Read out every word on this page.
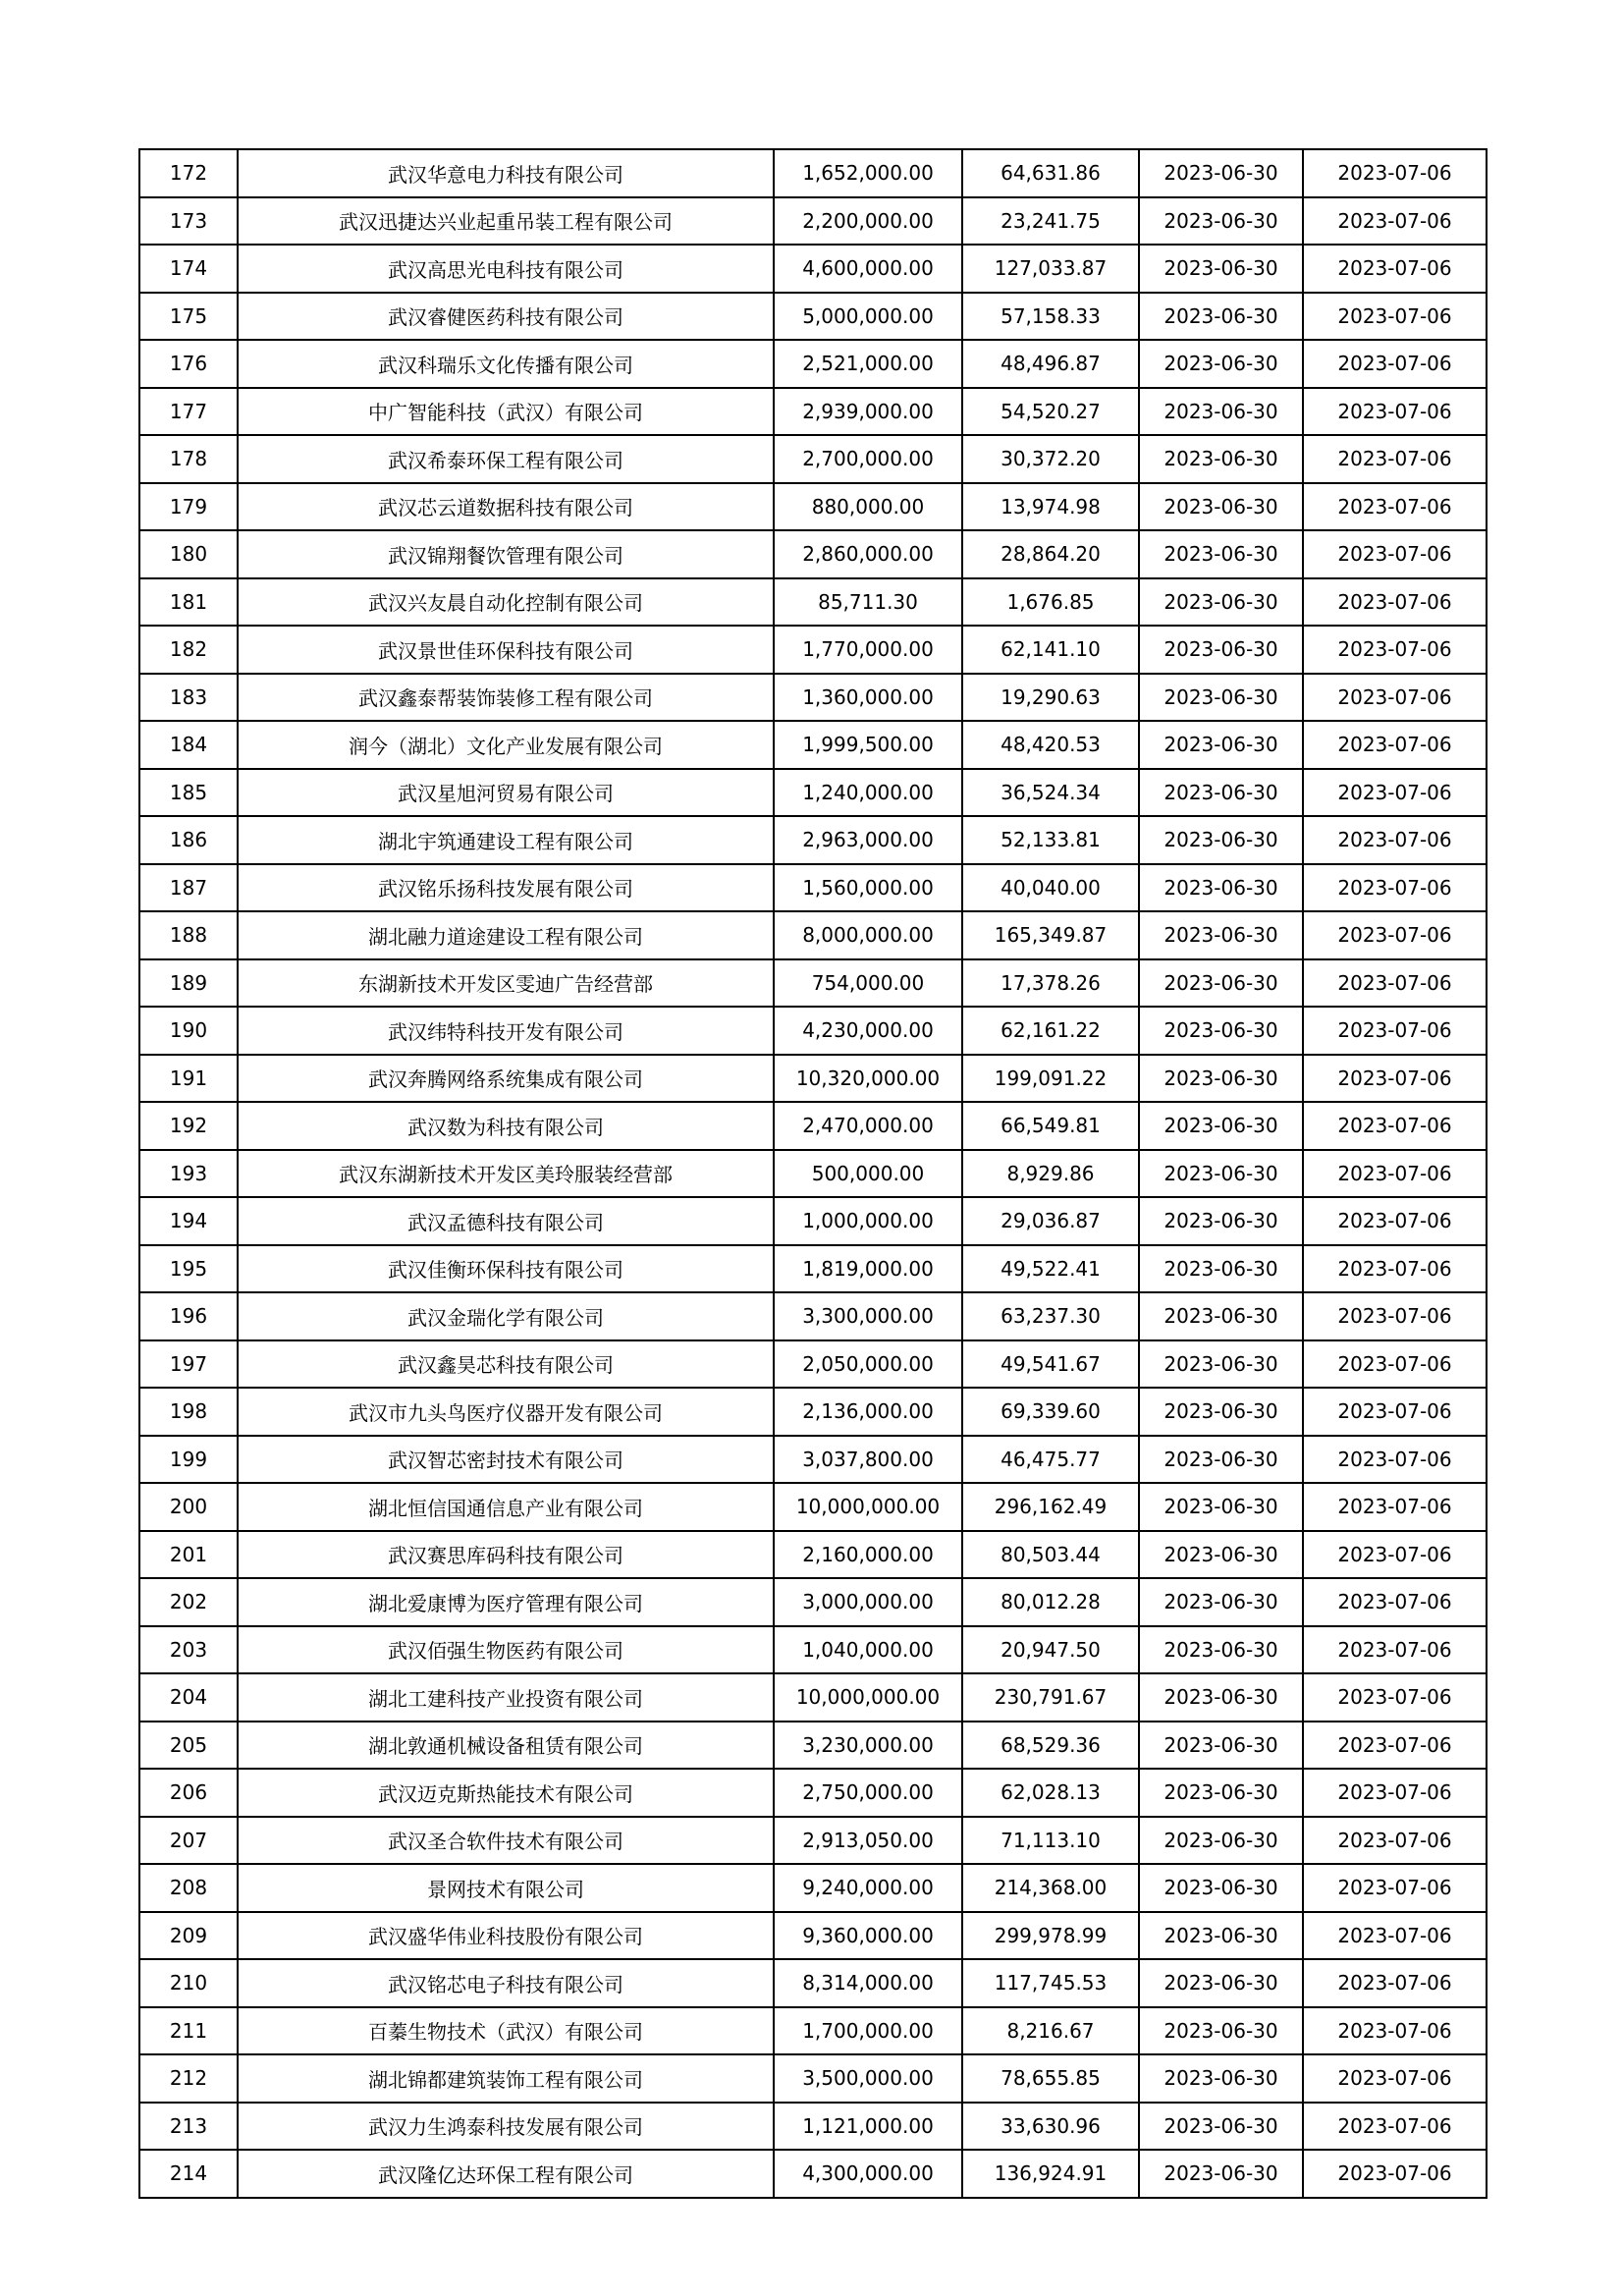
172	武汉华意电力科技有限公司	1,652,000.00	64,631.86	2023-06-30	2023-07-06
173	武汉迅捷达兴业起重吊装工程有限公司	2,200,000.00	23,241.75	2023-06-30	2023-07-06
174	武汉高思光电科技有限公司	4,600,000.00	127,033.87	2023-06-30	2023-07-06
175	武汉睿健医药科技有限公司	5,000,000.00	57,158.33	2023-06-30	2023-07-06
176	武汉科瑞乐文化传播有限公司	2,521,000.00	48,496.87	2023-06-30	2023-07-06
177	中广智能科技（武汉）有限公司	2,939,000.00	54,520.27	2023-06-30	2023-07-06
178	武汉希泰环保工程有限公司	2,700,000.00	30,372.20	2023-06-30	2023-07-06
179	武汉芯云道数据科技有限公司	880,000.00	13,974.98	2023-06-30	2023-07-06
180	武汉锦翔餐饮管理有限公司	2,860,000.00	28,864.20	2023-06-30	2023-07-06
181	武汉兴友晨自动化控制有限公司	85,711.30	1,676.85	2023-06-30	2023-07-06
182	武汉景世佳环保科技有限公司	1,770,000.00	62,141.10	2023-06-30	2023-07-06
183	武汉鑫泰帮装饰装修工程有限公司	1,360,000.00	19,290.63	2023-06-30	2023-07-06
184	润今（湖北）文化产业发展有限公司	1,999,500.00	48,420.53	2023-06-30	2023-07-06
185	武汉星旭河贸易有限公司	1,240,000.00	36,524.34	2023-06-30	2023-07-06
186	湖北宇筑通建设工程有限公司	2,963,000.00	52,133.81	2023-06-30	2023-07-06
187	武汉铭乐扬科技发展有限公司	1,560,000.00	40,040.00	2023-06-30	2023-07-06
188	湖北融力道途建设工程有限公司	8,000,000.00	165,349.87	2023-06-30	2023-07-06
189	东湖新技术开发区雯迪广告经营部	754,000.00	17,378.26	2023-06-30	2023-07-06
190	武汉纬特科技开发有限公司	4,230,000.00	62,161.22	2023-06-30	2023-07-06
191	武汉奔腾网络系统集成有限公司	10,320,000.00	199,091.22	2023-06-30	2023-07-06
192	武汉数为科技有限公司	2,470,000.00	66,549.81	2023-06-30	2023-07-06
193	武汉东湖新技术开发区美玲服装经营部	500,000.00	8,929.86	2023-06-30	2023-07-06
194	武汉孟德科技有限公司	1,000,000.00	29,036.87	2023-06-30	2023-07-06
195	武汉佳衡环保科技有限公司	1,819,000.00	49,522.41	2023-06-30	2023-07-06
196	武汉金瑞化学有限公司	3,300,000.00	63,237.30	2023-06-30	2023-07-06
197	武汉鑫昊芯科技有限公司	2,050,000.00	49,541.67	2023-06-30	2023-07-06
198	武汉市九头鸟医疗仪器开发有限公司	2,136,000.00	69,339.60	2023-06-30	2023-07-06
199	武汉智芯密封技术有限公司	3,037,800.00	46,475.77	2023-06-30	2023-07-06
200	湖北恒信国通信息产业有限公司	10,000,000.00	296,162.49	2023-06-30	2023-07-06
201	武汉赛思库码科技有限公司	2,160,000.00	80,503.44	2023-06-30	2023-07-06
202	湖北爱康博为医疗管理有限公司	3,000,000.00	80,012.28	2023-06-30	2023-07-06
203	武汉佰强生物医药有限公司	1,040,000.00	20,947.50	2023-06-30	2023-07-06
204	湖北工建科技产业投资有限公司	10,000,000.00	230,791.67	2023-06-30	2023-07-06
205	湖北敦通机械设备租赁有限公司	3,230,000.00	68,529.36	2023-06-30	2023-07-06
206	武汉迈克斯热能技术有限公司	2,750,000.00	62,028.13	2023-06-30	2023-07-06
207	武汉圣合软件技术有限公司	2,913,050.00	71,113.10	2023-06-30	2023-07-06
208	景网技术有限公司	9,240,000.00	214,368.00	2023-06-30	2023-07-06
209	武汉盛华伟业科技股份有限公司	9,360,000.00	299,978.99	2023-06-30	2023-07-06
210	武汉铭芯电子科技有限公司	8,314,000.00	117,745.53	2023-06-30	2023-07-06
211	百蓁生物技术（武汉）有限公司	1,700,000.00	8,216.67	2023-06-30	2023-07-06
212	湖北锦都建筑装饰工程有限公司	3,500,000.00	78,655.85	2023-06-30	2023-07-06
213	武汉力生鸿泰科技发展有限公司	1,121,000.00	33,630.96	2023-06-30	2023-07-06
214	武汉隆亿达环保工程有限公司	4,300,000.00	136,924.91	2023-06-30	2023-07-06
